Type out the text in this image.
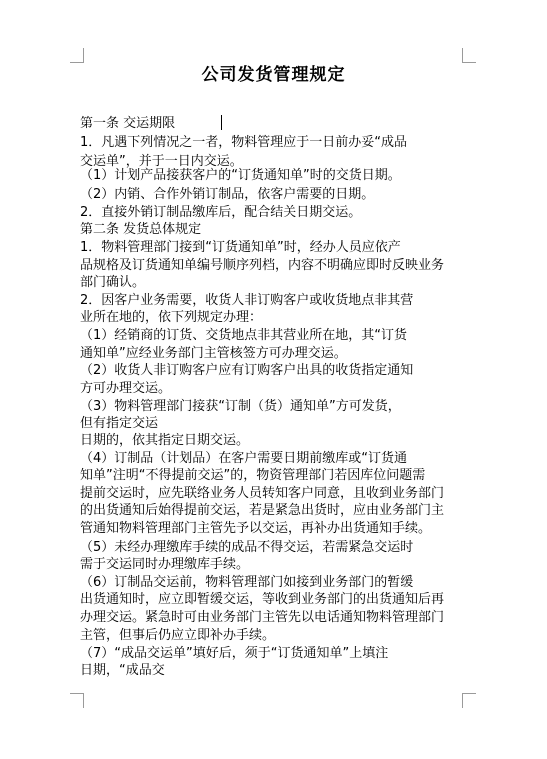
公司发货管理规定
第一条 交运期限
1．凡遇下列情况之一者，物料管理应于一日前办妥“成品
交运单”，并于一日内交运。
（1）计划产品接获客户的“订货通知单”时的交货日期。
（2）内销、合作外销订制品，依客户需要的日期。
2．直接外销订制品缴库后，配合结关日期交运。
第二条 发货总体规定
1．物料管理部门接到“订货通知单”时，经办人员应依产
品规格及订货通知单编号顺序列档，内容不明确应即时反映业务
部门确认。
2．因客户业务需要，收货人非订购客户或收货地点非其营
业所在地的，依下列规定办理：
（1）经销商的订货、交货地点非其营业所在地，其“订货
通知单”应经业务部门主管核签方可办理交运。
（2）收货人非订购客户应有订购客户出具的收货指定通知
方可办理交运。
（3）物料管理部门接获“订制（货）通知单”方可发货，
但有指定交运
日期的，依其指定日期交运。
（4）订制品（计划品）在客户需要日期前缴库或“订货通
知单”注明“不得提前交运”的，物资管理部门若因库位问题需
提前交运时，应先联络业务人员转知客户同意，且收到业务部门
的出货通知后始得提前交运，若是紧急出货时，应由业务部门主
管通知物料管理部门主管先予以交运，再补办出货通知手续。
（5）未经办理缴库手续的成品不得交运，若需紧急交运时
需于交运同时办理缴库手续。
（6）订制品交运前，物料管理部门如接到业务部门的暂缓
出货通知时，应立即暂缓交运，等收到业务部门的出货通知后再
办理交运。紧急时可由业务部门主管先以电话通知物料管理部门
主管，但事后仍应立即补办手续。
（7）“成品交运单”填好后，须于“订货通知单”上填注
日期，“成品交
